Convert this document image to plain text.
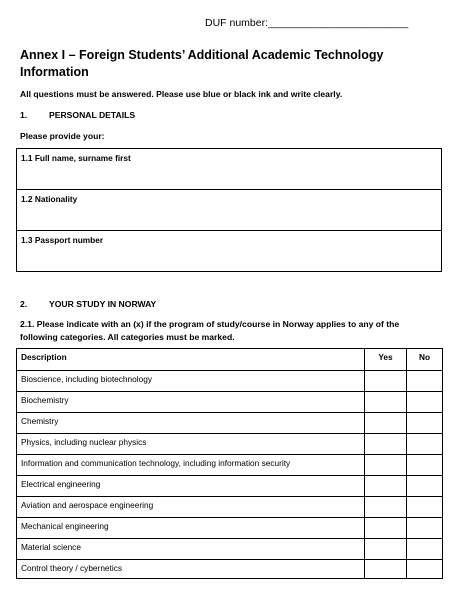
DUF number:________________________
Annex I – Foreign Students’ Additional Academic Technology Information
All questions must be answered. Please use blue or black ink and write clearly.
1.	PERSONAL DETAILS
Please provide your:
1.1 Full name, surname first
1.2 Nationality
1.3 Passport number
2.	YOUR STUDY IN NORWAY
2.1. Please indicate with an (x) if the program of study/course in Norway applies to any of the following categories. All categories must be marked.
Description	Yes	No
Bioscience, including biotechnology		
Biochemistry		
Chemistry		
Physics, including nuclear physics		
Information and communication technology, including information security		
Electrical engineering		
Aviation and aerospace engineering		
Mechanical engineering		
Material science		
Control theory / cybernetics		
